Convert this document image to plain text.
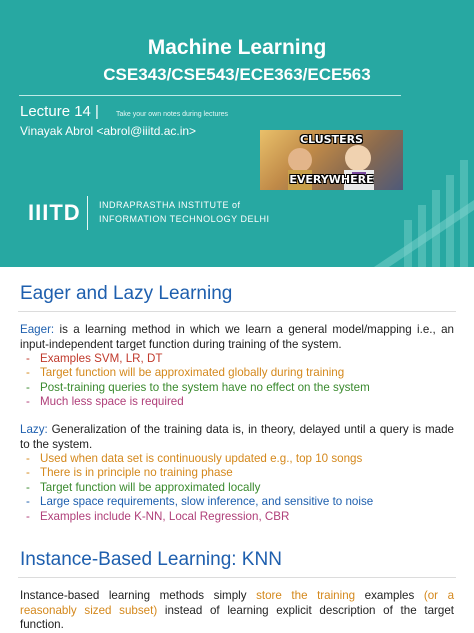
Machine Learning
CSE343/CSE543/ECE363/ECE563
Lecture 14 | Take your own notes during lectures
Vinayak Abrol <abrol@iiitd.ac.in>
CLUSTERS
EVERYWHERE
IIITD INDRAPRASTHA INSTITUTE of
INFORMATION TECHNOLOGY DELHI
Eager and Lazy Learning
Eager: is a learning method in which we learn a general model/mapping i.e., an input-independent target function during training of the system.
- Examples SVM, LR, DT
- Target function will be approximated globally during training
- Post-training queries to the system have no effect on the system
- Much less space is required
Lazy: Generalization of the training data is, in theory, delayed until a query is made to the system.
- Used when data set is continuously updated e.g., top 10 songs
- There is in principle no training phase
- Target function will be approximated locally
- Large space requirements, slow inference, and sensitive to noise
- Examples include K-NN, Local Regression, CBR
Instance-Based Learning: KNN
Instance-based learning methods simply store the training examples (or a reasonably sized subset) instead of learning explicit description of the target function.
